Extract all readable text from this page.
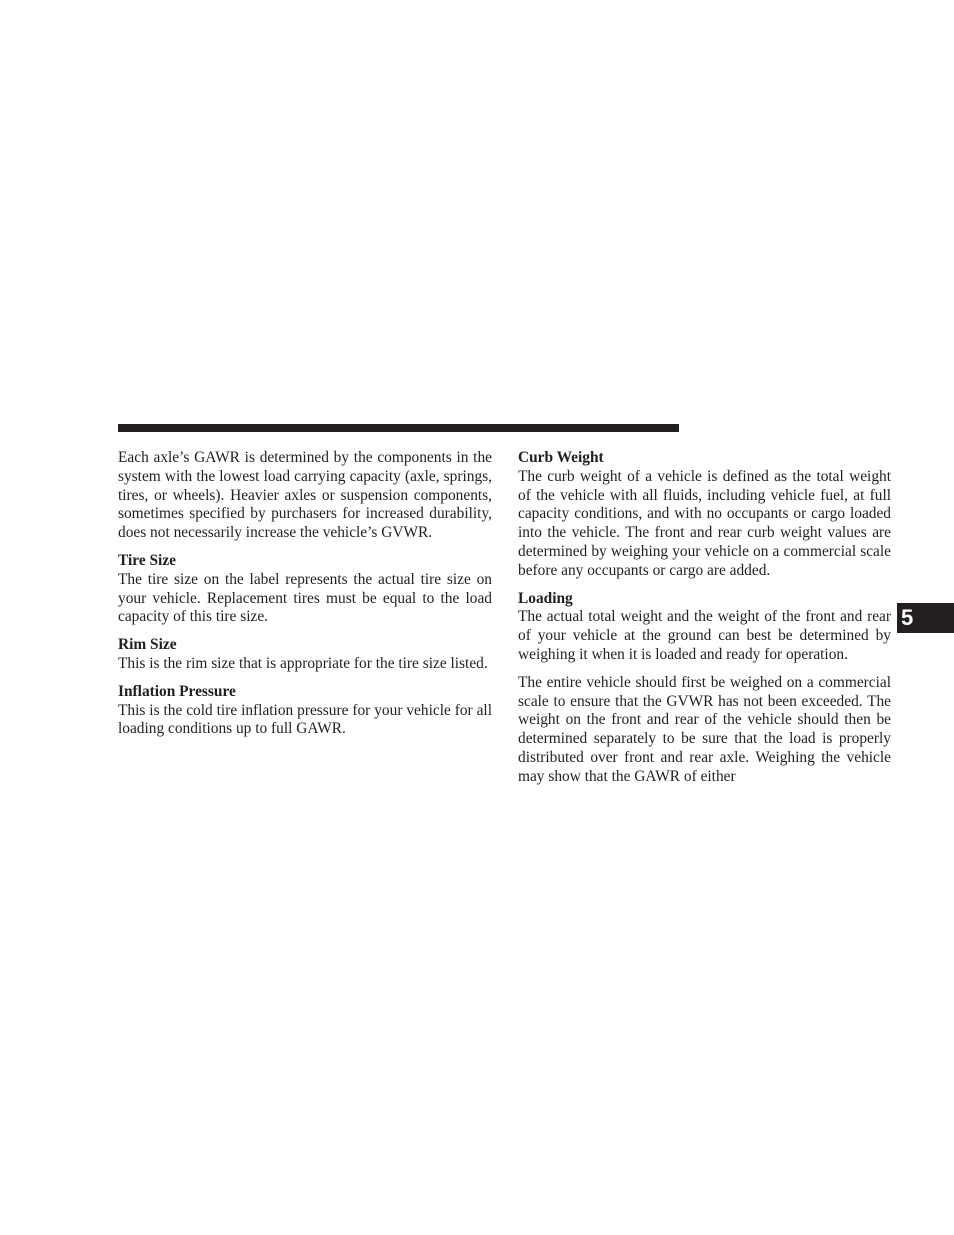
Each axle’s GAWR is determined by the components in the system with the lowest load carrying capacity (axle, springs, tires, or wheels). Heavier axles or suspension components, sometimes specified by purchasers for increased durability, does not necessarily increase the vehicle’s GVWR.

Tire Size

The tire size on the label represents the actual tire size on your vehicle. Replacement tires must be equal to the load capacity of this tire size.

Rim Size

This is the rim size that is appropriate for the tire size listed.

Inflation Pressure

This is the cold tire inflation pressure for your vehicle for all loading conditions up to full GAWR.

Curb Weight

The curb weight of a vehicle is defined as the total weight of the vehicle with all fluids, including vehicle fuel, at full capacity conditions, and with no occupants or cargo loaded into the vehicle. The front and rear curb weight values are determined by weighing your vehicle on a commercial scale before any occupants or cargo are added.

Loading

The actual total weight and the weight of the front and rear of your vehicle at the ground can best be determined by weighing it when it is loaded and ready for operation.

The entire vehicle should first be weighed on a commercial scale to ensure that the GVWR has not been exceeded. The weight on the front and rear of the vehicle should then be determined separately to be sure that the load is properly distributed over front and rear axle. Weighing the vehicle may show that the GAWR of either

5
